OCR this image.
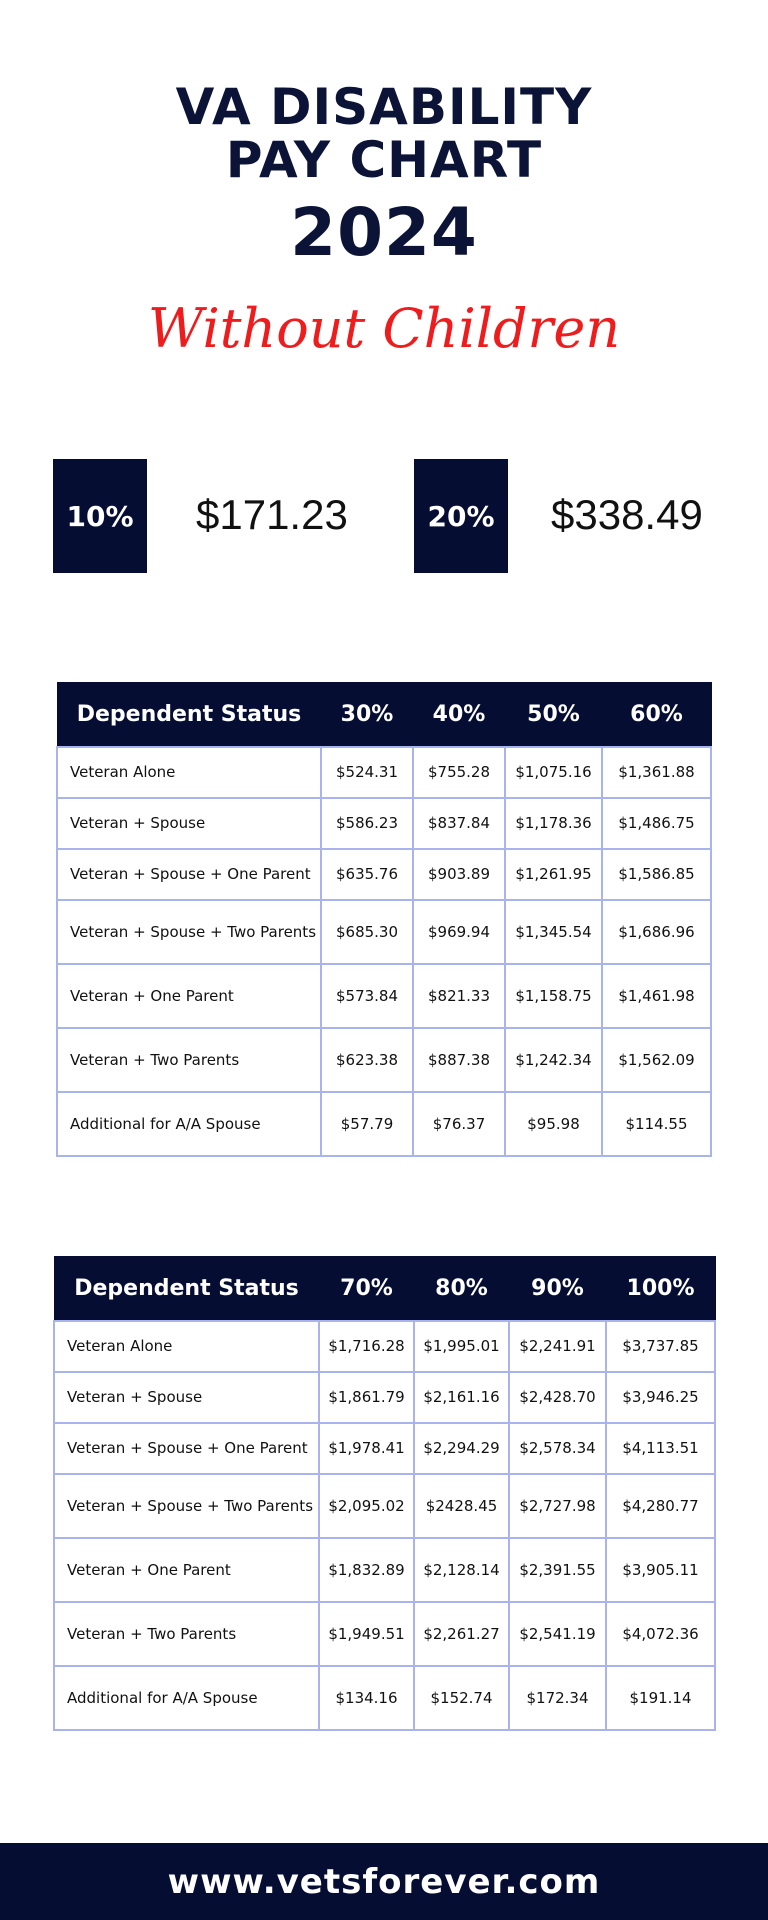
VA DISABILITY
PAY CHART
2024
Without Children
10%	$171.23	20%	$338.49
Dependent Status	30%	40%	50%	60%
Veteran Alone	$524.31	$755.28	$1,075.16	$1,361.88
Veteran + Spouse	$586.23	$837.84	$1,178.36	$1,486.75
Veteran + Spouse + One Parent	$635.76	$903.89	$1,261.95	$1,586.85
Veteran + Spouse + Two Parents	$685.30	$969.94	$1,345.54	$1,686.96
Veteran + One Parent	$573.84	$821.33	$1,158.75	$1,461.98
Veteran + Two Parents	$623.38	$887.38	$1,242.34	$1,562.09
Additional for A/A Spouse	$57.79	$76.37	$95.98	$114.55
Dependent Status	70%	80%	90%	100%
Veteran Alone	$1,716.28	$1,995.01	$2,241.91	$3,737.85
Veteran + Spouse	$1,861.79	$2,161.16	$2,428.70	$3,946.25
Veteran + Spouse + One Parent	$1,978.41	$2,294.29	$2,578.34	$4,113.51
Veteran + Spouse + Two Parents	$2,095.02	$2428.45	$2,727.98	$4,280.77
Veteran + One Parent	$1,832.89	$2,128.14	$2,391.55	$3,905.11
Veteran + Two Parents	$1,949.51	$2,261.27	$2,541.19	$4,072.36
Additional for A/A Spouse	$134.16	$152.74	$172.34	$191.14
www.vetsforever.com
